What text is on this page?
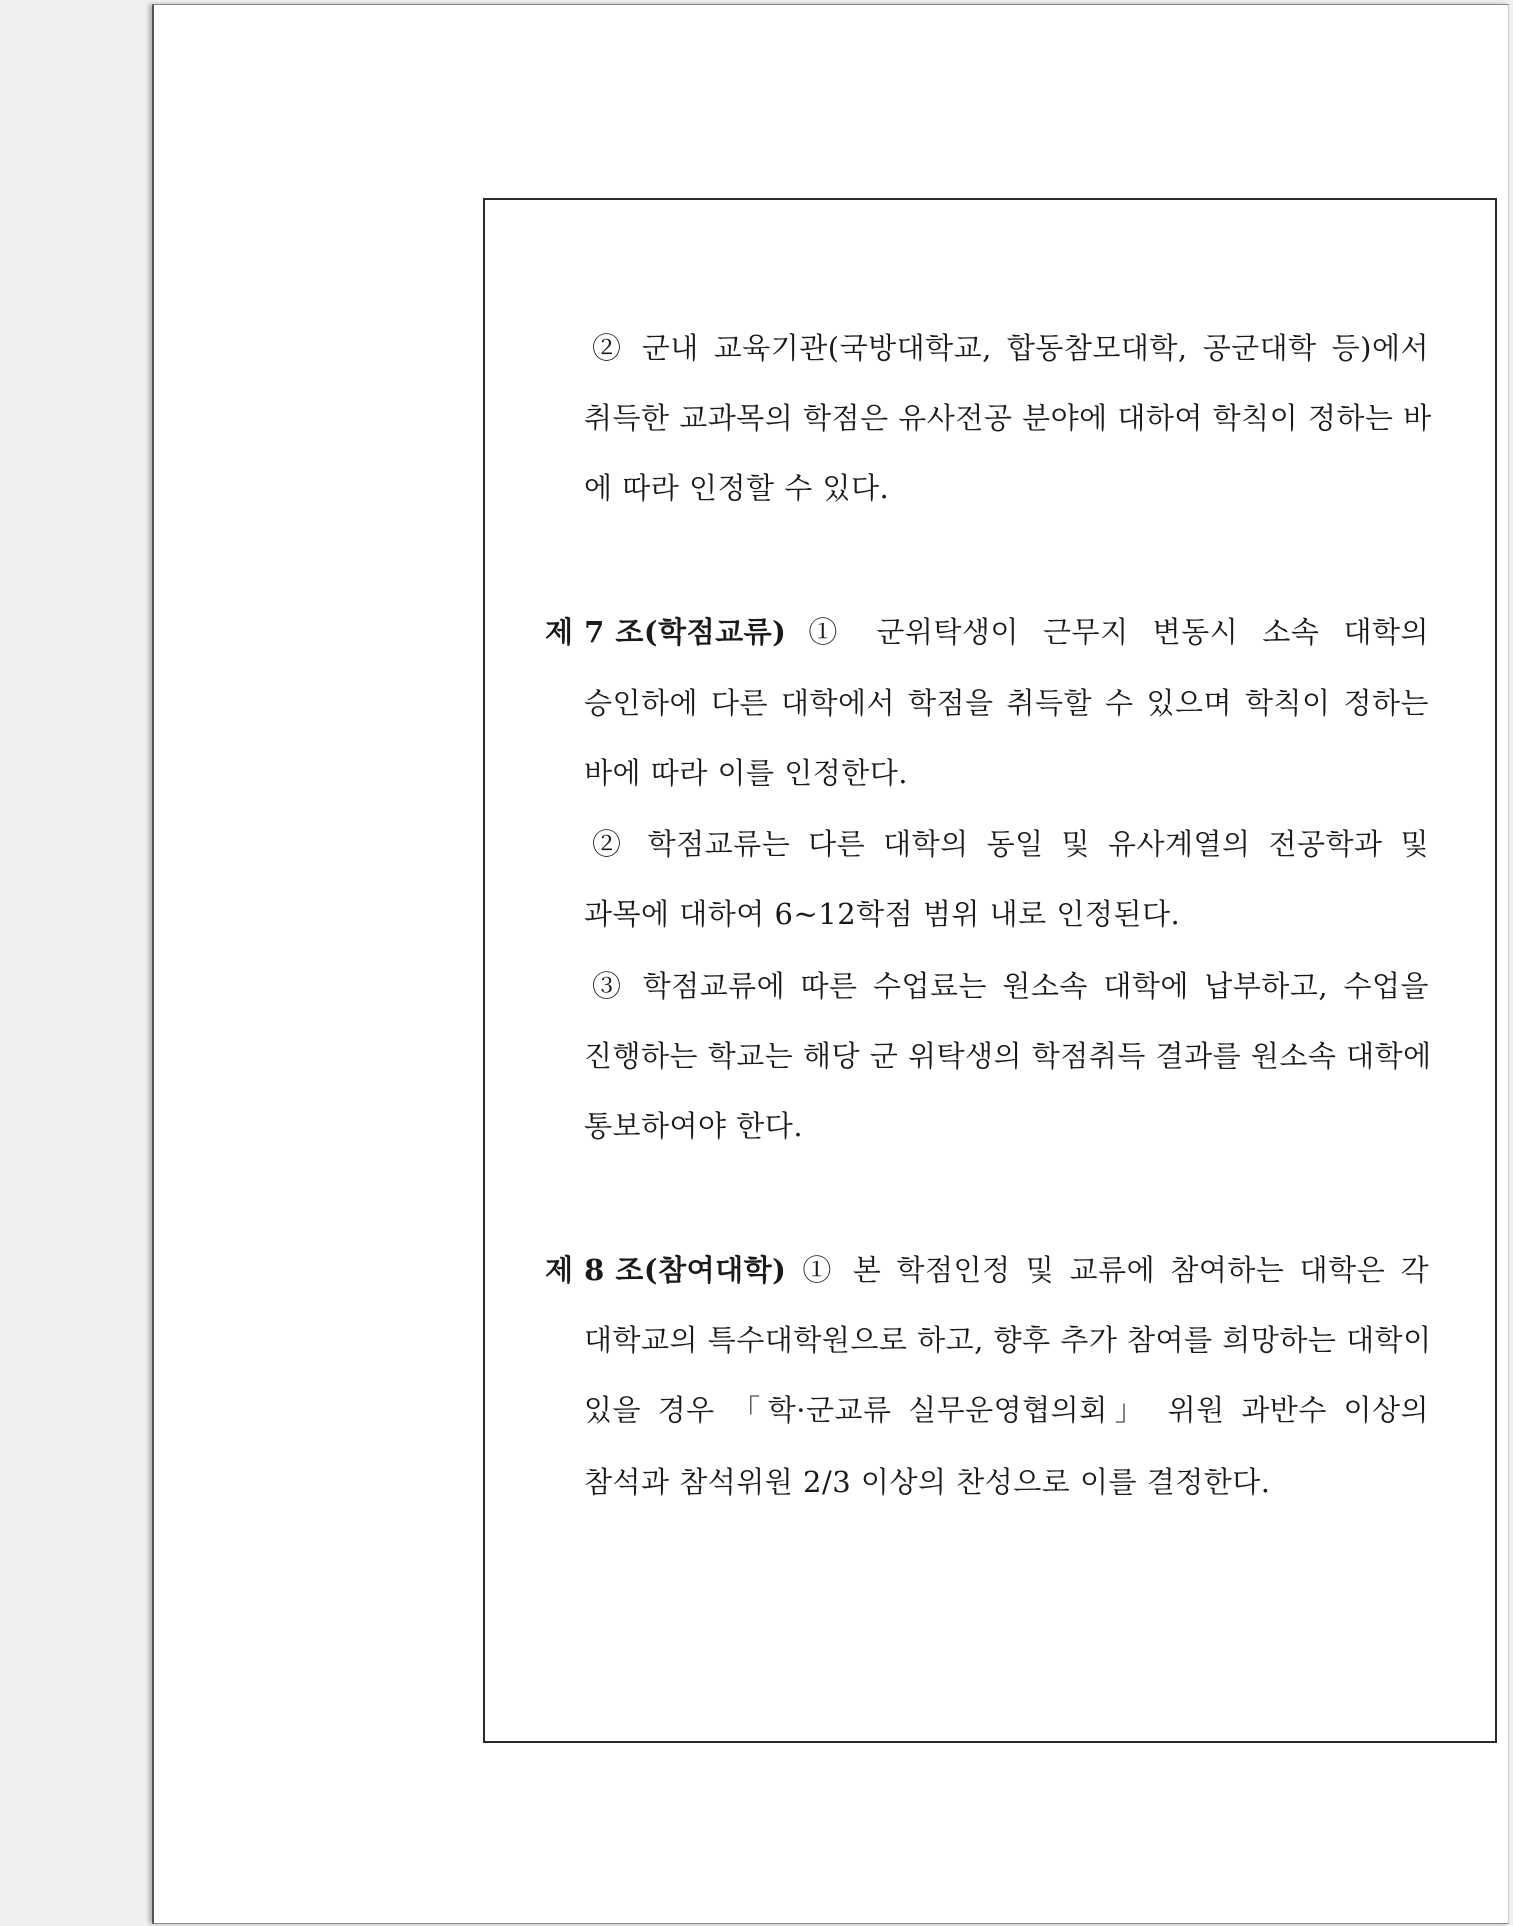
② 군내 교육기관(국방대학교, 합동참모대학, 공군대학 등)에서
취득한 교과목의 학점은 유사전공 분야에 대하여 학칙이 정하는 바
에 따라 인정할 수 있다.
제 7 조(학점교류) ① 군위탁생이 근무지 변동시 소속 대학의
승인하에 다른 대학에서 학점을 취득할 수 있으며 학칙이 정하는
바에 따라 이를 인정한다.
② 학점교류는 다른 대학의 동일 및 유사계열의 전공학과 및
과목에 대하여 6~12학점 범위 내로 인정된다.
③ 학점교류에 따른 수업료는 원소속 대학에 납부하고, 수업을
진행하는 학교는 해당 군 위탁생의 학점취득 결과를 원소속 대학에
통보하여야 한다.
제 8 조(참여대학) ① 본 학점인정 및 교류에 참여하는 대학은 각
대학교의 특수대학원으로 하고, 향후 추가 참여를 희망하는 대학이
있을 경우 「학·군교류 실무운영협의회」 위원 과반수 이상의
참석과 참석위원 2/3 이상의 찬성으로 이를 결정한다.
